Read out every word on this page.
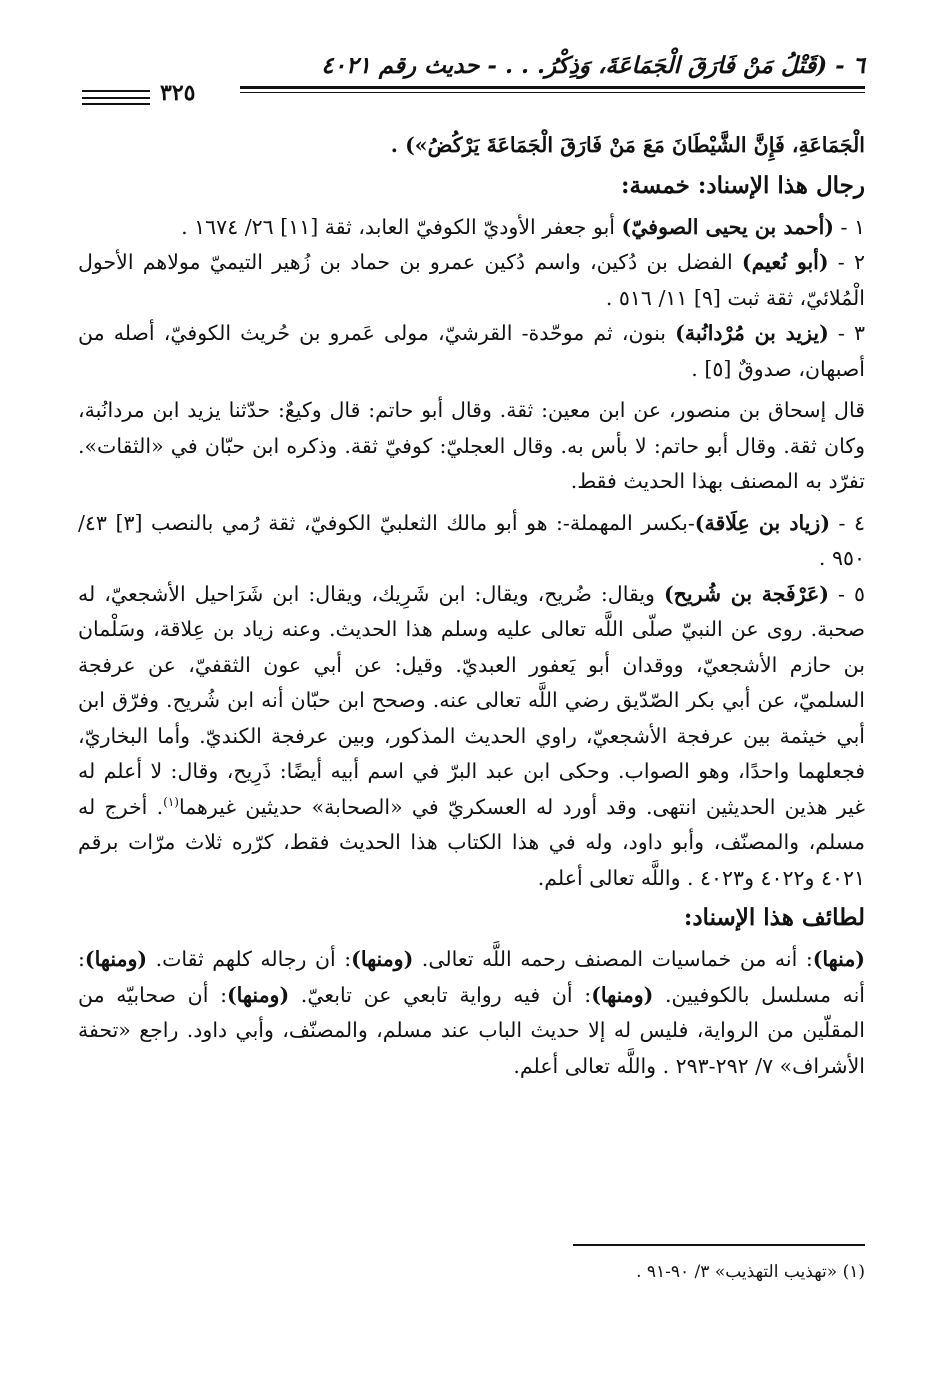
٦ - (قَتْلُ مَنْ فَارَقَ الْجَمَاعَةَ، وَذِكْرُ. . . - حديث رقم ٤٠٢١
٣٢٥

الْجَمَاعَةِ، فَإِنَّ الشَّيْطَانَ مَعَ مَنْ فَارَقَ الْجَمَاعَةَ يَرْكُضُ») .

رجال هذا الإسناد: خمسة:

١ - (أحمد بن يحيى الصوفيّ) أبو جعفر الأوديّ الكوفيّ العابد، ثقة [١١] ٢٦/ ١٦٧٤ .

٢ - (أبو نُعيم) الفضل بن دُكين، واسم دُكين عمرو بن حماد بن زُهير التيميّ مولاهم الأحول الْمُلائيّ، ثقة ثبت [٩] ١١/ ٥١٦ .

٣ - (يزيد بن مُرْدانُبة) بنون، ثم موحّدة- القرشيّ، مولى عَمرو بن حُريث الكوفيّ، أصله من أصبهان، صدوقٌ [٥] .

قال إسحاق بن منصور، عن ابن معين: ثقة. وقال أبو حاتم: قال وكيعٌ: حدّثنا يزيد ابن مردانُبة، وكان ثقة. وقال أبو حاتم: لا بأس به. وقال العجليّ: كوفيّ ثقة. وذكره ابن حبّان في «الثقات». تفرّد به المصنف بهذا الحديث فقط.

٤ - (زياد بن عِلَاقة)-بكسر المهملة-: هو أبو مالك الثعلبيّ الكوفيّ، ثقة رُمي بالنصب [٣] ٤٣/ ٩٥٠ .

٥ - (عَرْفَجة بن شُريح) ويقال: ضُريح، ويقال: ابن شَرِيك، ويقال: ابن شَرَاحيل الأشجعيّ، له صحبة. روى عن النبيّ صلّى اللَّه تعالى عليه وسلم هذا الحديث. وعنه زياد بن عِلاقة، وسَلْمان بن حازم الأشجعيّ، ووقدان أبو يَعفور العبديّ. وقيل: عن أبي عون الثقفيّ، عن عرفجة السلميّ، عن أبي بكر الصّدّيق رضي اللَّه تعالى عنه. وصحح ابن حبّان أنه ابن شُريح. وفرّق ابن أبي خيثمة بين عرفجة الأشجعيّ، راوي الحديث المذكور، وبين عرفجة الكنديّ. وأما البخاريّ، فجعلهما واحدًا، وهو الصواب. وحكى ابن عبد البرّ في اسم أبيه أيضًا: ذَرِيح، وقال: لا أعلم له غير هذين الحديثين انتهى. وقد أورد له العسكريّ في «الصحابة» حديثين غيرهما$^{(١)}$. أخرج له مسلم، والمصنّف، وأبو داود، وله في هذا الكتاب هذا الحديث فقط، كرّره ثلاث مرّات برقم ٤٠٢١ و٤٠٢٢ و٤٠٢٣ . واللَّه تعالى أعلم.

لطائف هذا الإسناد:

(منها): أنه من خماسيات المصنف رحمه اللَّه تعالى. (ومنها): أن رجاله كلهم ثقات. (ومنها): أنه مسلسل بالكوفيين. (ومنها): أن فيه رواية تابعي عن تابعيّ. (ومنها): أن صحابيّه من المقلّين من الرواية، فليس له إلا حديث الباب عند مسلم، والمصنّف، وأبي داود. راجع «تحفة الأشراف» ٧/ ٢٩٢-٢٩٣ . واللَّه تعالى أعلم.

(١) «تهذيب التهذيب» ٣/ ٩٠-٩١ .
